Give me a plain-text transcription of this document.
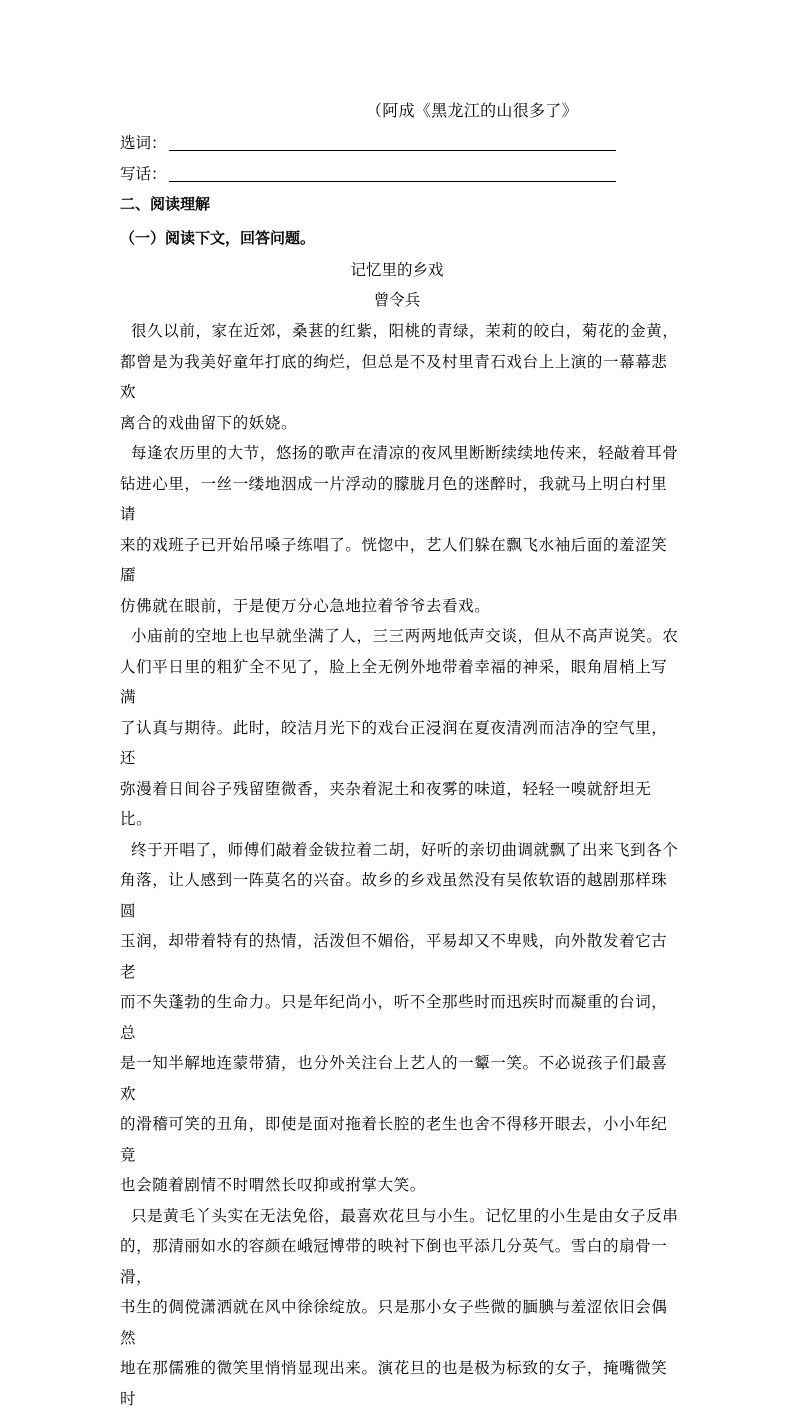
（阿成《黑龙江的山很多了》
选词：
写话：
二、阅读理解
（一）阅读下文，回答问题。
记忆里的乡戏
曾令兵

很久以前，家在近郊，桑葚的红紫，阳桃的青绿，茉莉的皎白，菊花的金黄，

都曾是为我美好童年打底的绚烂，但总是不及村里青石戏台上上演的一幕幕悲欢

离合的戏曲留下的妖娆。

每逢农历里的大节，悠扬的歌声在清凉的夜风里断断续续地传来，轻敲着耳骨

钻进心里，一丝一缕地洇成一片浮动的朦胧月色的迷醉时，我就马上明白村里请

来的戏班子已开始吊嗓子练唱了。恍惚中，艺人们躲在飘飞水袖后面的羞涩笑靥

仿佛就在眼前，于是便万分心急地拉着爷爷去看戏。

小庙前的空地上也早就坐满了人，三三两两地低声交谈，但从不高声说笑。农

人们平日里的粗犷全不见了，脸上全无例外地带着幸福的神采，眼角眉梢上写满

了认真与期待。此时，皎洁月光下的戏台正浸润在夏夜清冽而洁净的空气里，还

弥漫着日间谷子残留堕微香，夹杂着泥土和夜雾的味道，轻轻一嗅就舒坦无比。

终于开唱了，师傅们敲着金钹拉着二胡，好听的亲切曲调就飘了出来飞到各个

角落，让人感到一阵莫名的兴奋。故乡的乡戏虽然没有吴侬软语的越剧那样珠圆

玉润，却带着特有的热情，活泼但不媚俗，平易却又不卑贱，向外散发着它古老

而不失蓬勃的生命力。只是年纪尚小，听不全那些时而迅疾时而凝重的台词，总

是一知半解地连蒙带猜，也分外关注台上艺人的一颦一笑。不必说孩子们最喜欢

的滑稽可笑的丑角，即使是面对拖着长腔的老生也舍不得移开眼去，小小年纪竟

也会随着剧情不时喟然长叹抑或拊掌大笑。

只是黄毛丫头实在无法免俗，最喜欢花旦与小生。记忆里的小生是由女子反串

的，那清丽如水的容颜在峨冠博带的映衬下倒也平添几分英气。雪白的扇骨一滑，

书生的倜傥潇洒就在风中徐徐绽放。只是那小女子些微的腼腆与羞涩依旧会偶然

地在那儒雅的微笑里悄悄显现出来。演花旦的也是极为标致的女子，掩嘴微笑时
